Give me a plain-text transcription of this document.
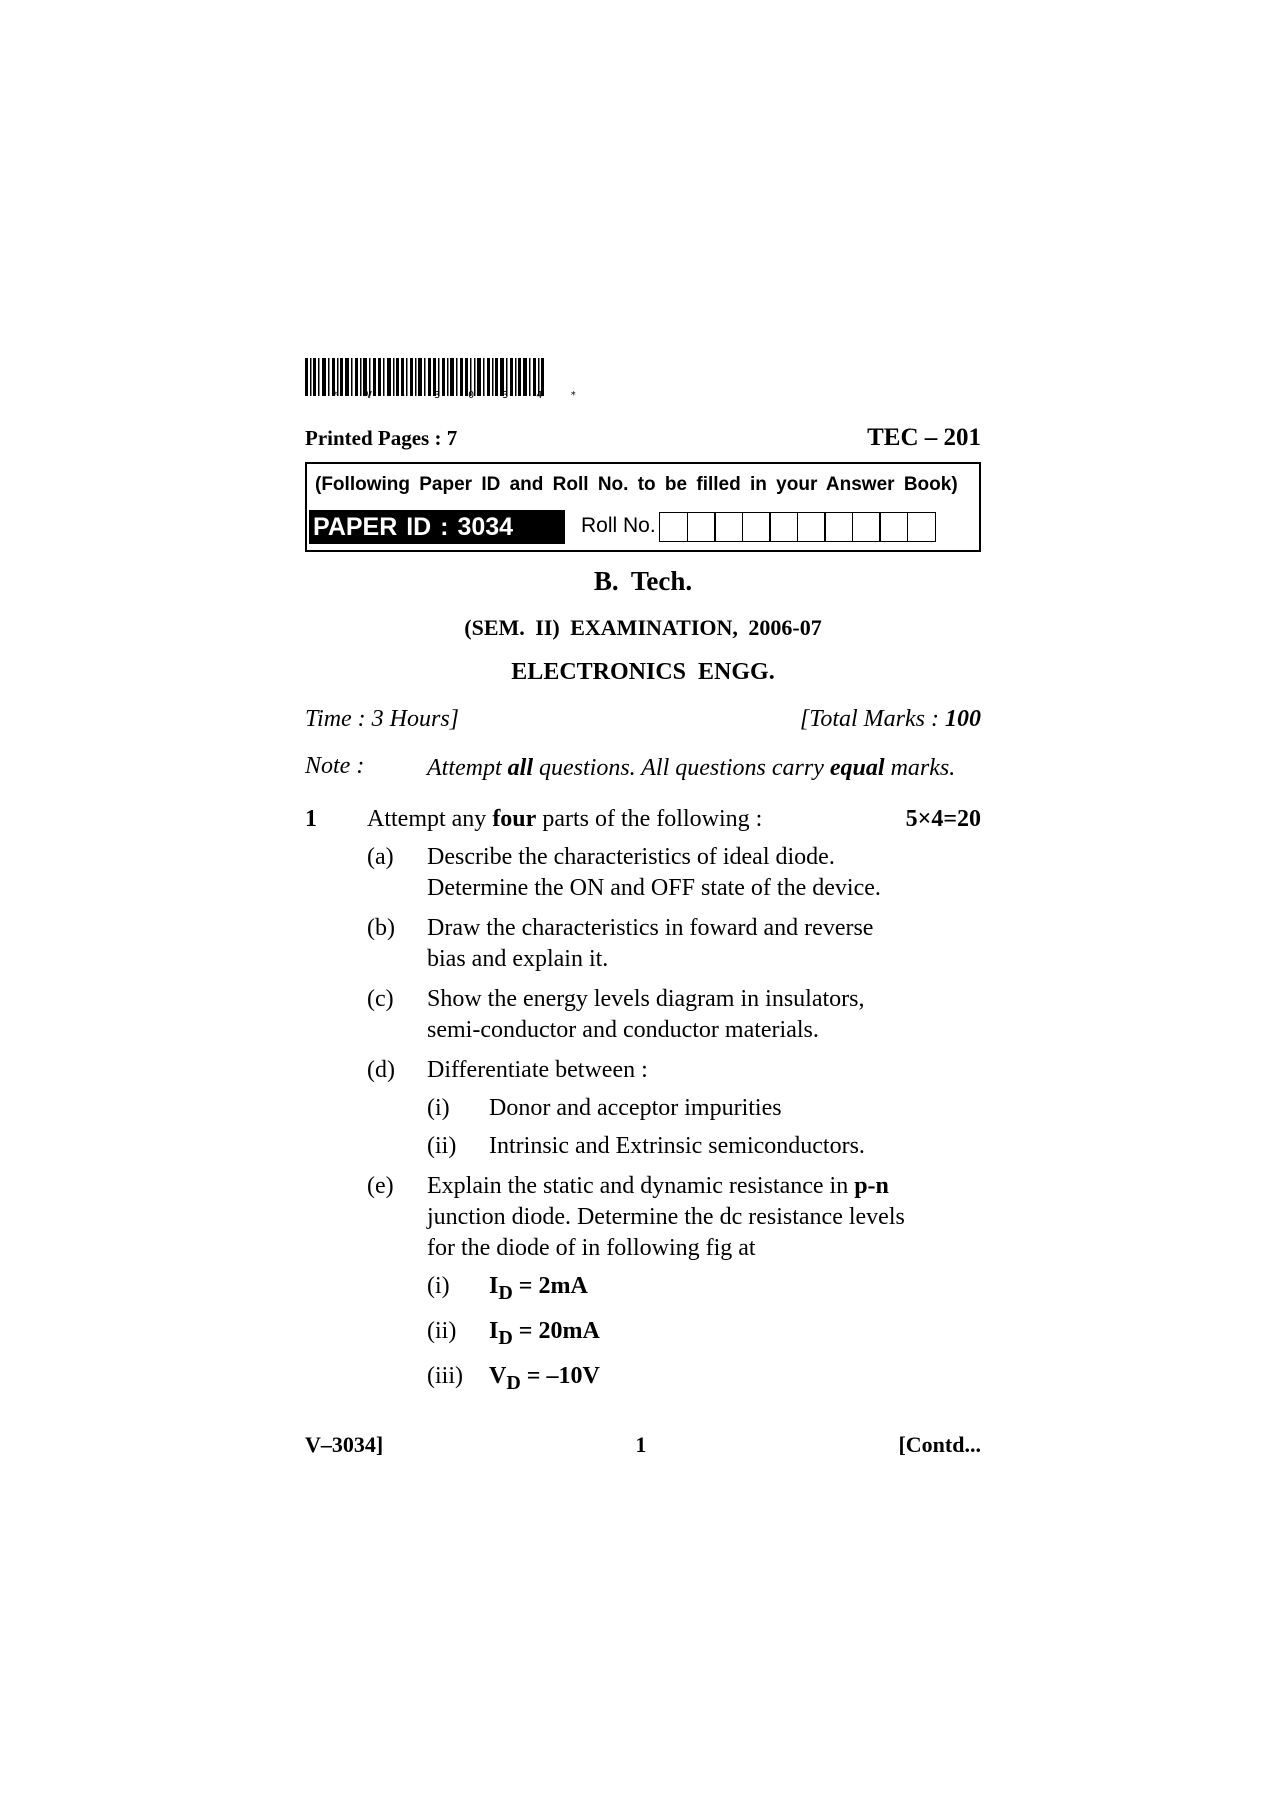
* V - 3 0 3 4 *
Printed Pages : 7	TEC – 201
(Following Paper ID and Roll No. to be filled in your Answer Book)
PAPER ID : 3034	Roll No.
B. Tech.
(SEM. II) EXAMINATION, 2006-07
ELECTRONICS ENGG.
Time : 3 Hours]	[Total Marks : 100
Note :	Attempt all questions. All questions carry equal marks.
1	Attempt any four parts of the following :	5×4=20
(a)	Describe the characteristics of ideal diode. Determine the ON and OFF state of the device.
(b)	Draw the characteristics in foward and reverse bias and explain it.
(c)	Show the energy levels diagram in insulators, semi-conductor and conductor materials.
(d)	Differentiate between :
(i)	Donor and acceptor impurities
(ii)	Intrinsic and Extrinsic semiconductors.
(e)	Explain the static and dynamic resistance in p-n junction diode. Determine the dc resistance levels for the diode of in following fig at
(i)	$I_D = 2mA$
(ii)	$I_D = 20mA$
(iii)	$V_D = -10V$
V–3034]	1	[Contd...
